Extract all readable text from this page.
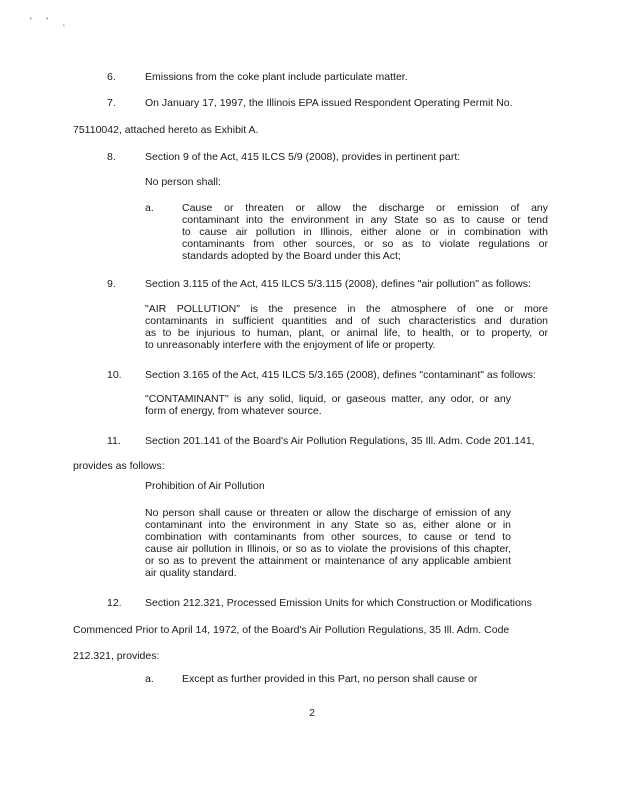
' ' ˎ
6.	Emissions from the coke plant include particulate matter.
7.	On January 17, 1997, the Illinois EPA issued Respondent Operating Permit No.
75110042, attached hereto as Exhibit A.
8.	Section 9 of the Act, 415 ILCS 5/9 (2008), provides in pertinent part:
No person shall:
a.	Cause or threaten or allow the discharge or emission of any
contaminant into the environment in any State so as to cause or tend
to cause air pollution in Illinois, either alone or in combination with
contaminants from other sources, or so as to violate regulations or
standards adopted by the Board under this Act;
9.	Section 3.115 of the Act, 415 ILCS 5/3.115 (2008), defines "air pollution" as follows:
"AIR POLLUTION" is the presence in the atmosphere of one or more
contaminants in sufficient quantities and of such characteristics and duration
as to be injurious to human, plant, or animal life, to health, or to property, or
to unreasonably interfere with the enjoyment of life or property.
10.	Section 3.165 of the Act, 415 ILCS 5/3.165 (2008), defines "contaminant" as follows:
"CONTAMINANT" is any solid, liquid, or gaseous matter, any odor, or any
form of energy, from whatever source.
11.	Section 201.141 of the Board's Air Pollution Regulations, 35 Ill. Adm. Code 201.141,
provides as follows:
Prohibition of Air Pollution
No person shall cause or threaten or allow the discharge of emission of any
contaminant into the environment in any State so as, either alone or in
combination with contaminants from other sources, to cause or tend to
cause air pollution in Illinois, or so as to violate the provisions of this chapter,
or so as to prevent the attainment or maintenance of any applicable ambient
air quality standard.
12.	Section 212.321, Processed Emission Units for which Construction or Modifications
Commenced Prior to April 14, 1972, of the Board's Air Pollution Regulations, 35 Ill. Adm. Code
212.321, provides:
a.	Except as further provided in this Part, no person shall cause or
2
